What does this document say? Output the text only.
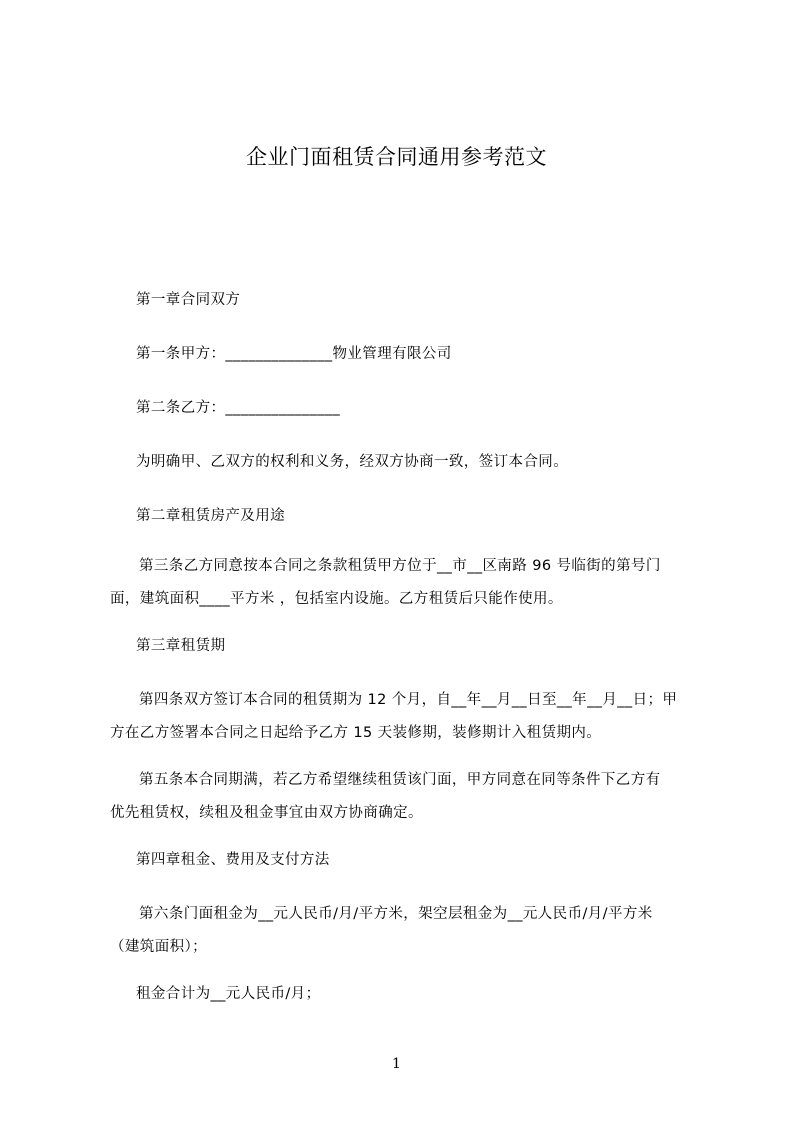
企业门面租赁合同通用参考范文
第一章合同双方
第一条甲方：______________物业管理有限公司
第二条乙方：_______________
为明确甲、乙双方的权利和义务，经双方协商一致，签订本合同。
第二章租赁房产及用途
第三条乙方同意按本合同之条款租赁甲方位于__市__区南路 96 号临街的第号门
面，建筑面积____平方米 ，包括室内设施。乙方租赁后只能作使用。
第三章租赁期
第四条双方签订本合同的租赁期为 12 个月，自__年__月__日至__年__月__日；甲
方在乙方签署本合同之日起给予乙方 15 天装修期，装修期计入租赁期内。
第五条本合同期满，若乙方希望继续租赁该门面，甲方同意在同等条件下乙方有
优先租赁权，续租及租金事宜由双方协商确定。
第四章租金、费用及支付方法
第六条门面租金为__元人民币/月/平方米，架空层租金为__元人民币/月/平方米
（建筑面积）；
租金合计为__元人民币/月；
1
